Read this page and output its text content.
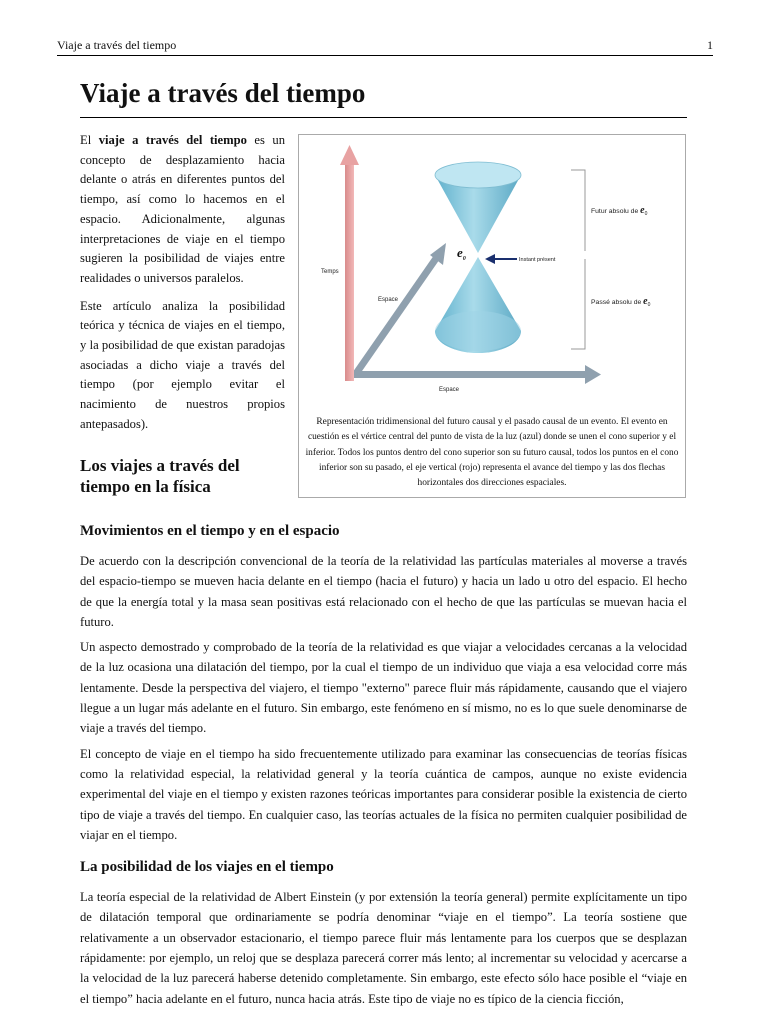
Viaje a través del tiempo	1
Viaje a través del tiempo

El viaje a través del tiempo es un concepto de desplazamiento hacia delante o atrás en diferentes puntos del tiempo, así como lo hacemos en el espacio. Adicionalmente, algunas interpretaciones de viaje en el tiempo sugieren la posibilidad de viajes entre realidades o universos paralelos.

Este artículo analiza la posibilidad teórica y técnica de viajes en el tiempo, y la posibilidad de que existan paradojas asociadas a dicho viaje a través del tiempo (por ejemplo evitar el nacimiento de nuestros propios antepasados).

Temps
Espace
Espace
Instant présent
$e_0$
Futur absolu de $e_0$
Passé absolu de $e_0$
Representación tridimensional del futuro causal y el pasado causal de un evento. El evento en cuestión es el vértice central del punto de vista de la luz (azul) donde se unen el cono superior y el inferior. Todos los puntos dentro del cono superior son su futuro causal, todos los puntos en el cono inferior son su pasado, el eje vertical (rojo) representa el avance del tiempo y las dos flechas horizontales dos direcciones espaciales.
Los viajes a través del tiempo en la física
Movimientos en el tiempo y en el espacio

De acuerdo con la descripción convencional de la teoría de la relatividad las partículas materiales al moverse a través del espacio-tiempo se mueven hacia delante en el tiempo (hacia el futuro) y hacia un lado u otro del espacio. El hecho de que la energía total y la masa sean positivas está relacionado con el hecho de que las partículas se muevan hacia el futuro.

Un aspecto demostrado y comprobado de la teoría de la relatividad es que viajar a velocidades cercanas a la velocidad de la luz ocasiona una dilatación del tiempo, por la cual el tiempo de un individuo que viaja a esa velocidad corre más lentamente. Desde la perspectiva del viajero, el tiempo "externo" parece fluir más rápidamente, causando que el viajero llegue a un lugar más adelante en el futuro. Sin embargo, este fenómeno en sí mismo, no es lo que suele denominarse de viaje a través del tiempo.

El concepto de viaje en el tiempo ha sido frecuentemente utilizado para examinar las consecuencias de teorías físicas como la relatividad especial, la relatividad general y la teoría cuántica de campos, aunque no existe evidencia experimental del viaje en el tiempo y existen razones teóricas importantes para considerar posible la existencia de cierto tipo de viaje a través del tiempo. En cualquier caso, las teorías actuales de la física no permiten cualquier posibilidad de viajar en el tiempo.

La posibilidad de los viajes en el tiempo

La teoría especial de la relatividad de Albert Einstein (y por extensión la teoría general) permite explícitamente un tipo de dilatación temporal que ordinariamente se podría denominar “viaje en el tiempo”. La teoría sostiene que relativamente a un observador estacionario, el tiempo parece fluir más lentamente para los cuerpos que se desplazan rápidamente: por ejemplo, un reloj que se desplaza parecerá correr más lento; al incrementar su velocidad y acercarse a la velocidad de la luz parecerá haberse detenido completamente. Sin embargo, este efecto sólo hace posible el “viaje en el tiempo” hacia adelante en el futuro, nunca hacia atrás. Este tipo de viaje no es típico de la ciencia ficción,
